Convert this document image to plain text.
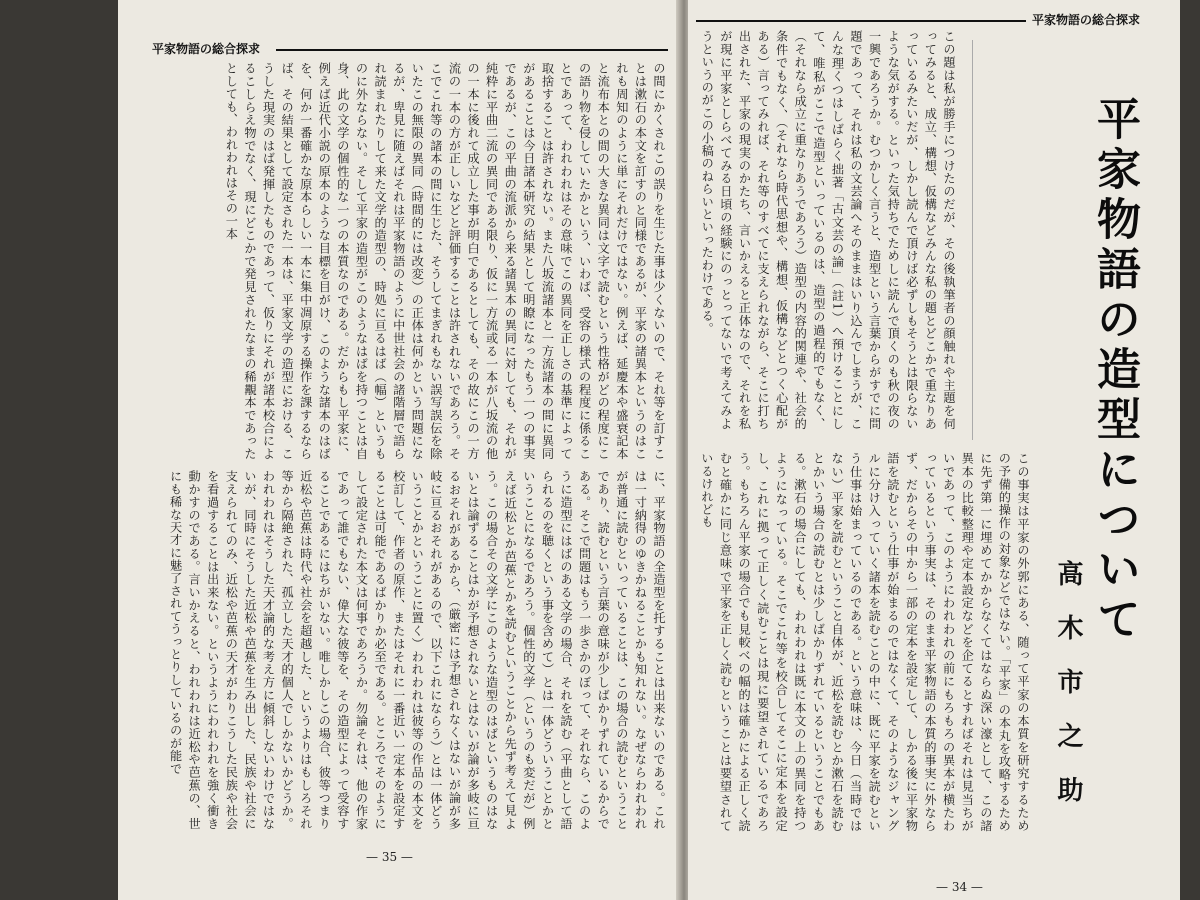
平家物語の総合探求
の間にかくされこの誤りを生じた事は少くないので、それ等を訂すことは漱石の本文を訂すのと同様であるが、平家の諸異本というのはこれも周知のように単にそれだけではない。例えば、延慶本や盛衰記本と流布本との間の大きな異同は文字で読むという性格がどの程度にこの語り物を侵していたかという、いわば、受容の様式の程度に係ることであって、われわれはその意味でこの異同を正しさの基準によって取捨することは許されない。また八坂流諸本と一方流諸本の間に異同があることは今日諸本研究の結果として明瞭になったもう一つの事実であるが、この平曲の流派から来る諸異本の異同に対しても、それが純粋に平曲二流の異同である限り、仮に一方流或る一本が八坂流の他の一本に後れて成立した事が明白であるとしても、その故にこの一方流の一本の方が正しいなどと評価することは許されないであろう。そこでこれ等の諸本の間に生じた、そうしてまぎれもない誤写誤伝を除いたこの無限の異同（時間的には改変）の正体は何かという問題になるが、卑見に随えばそれは平家物語のように中世社会の諸階層で語られ読まれたりして来た文学的造型の、時処に亘るはば（幅）というものに外ならない。そして平家の造型がこのようなはばを持つことは自身、此の文学の個性的な一つの本質なのである。だからもし平家に、例えば近代小説の原本のような目標を目がけ、このような諸本のはばを、何か一番確かな原本らしい一本に集中凋原する操作を課するならば、その結果として設定された一本は、平家文学の造型における、こうした現実のはば発揮したものであって、仮りにそれが諸本校合によるこしらえ物でなく、現にどこかで発見されたなまの稀覯本であったとしても、われわれはその一本
に、平家物語の全造型を托することは出来ないのである。これは一寸納得のゆきかねることかも知れない。なぜならわれわれが普通に読むといっていることは、この場合の読むということであり、読むという言葉の意味が少しばかりずれているからである。そこで問題はもう一歩さかのぼって、それなら、このように造型にはばのある文学の場合、それを読む（平曲として語られるのを聴くという事を含めて）とは一体どういうことかということになるであろう。個性的文学（というのも変だが）例えば近松とか芭蕉とかを読むということから先ず考えて見よう。この場合その文学にこのような造型のはばというものはないとは論ずることはかが予想されないとはないが論が多岐に亘るおそれがあるから、（厳密には予想されなくはないが論が多岐に亘るおそれがあるので、以下これにならう）とは一体どういうことかということに置く）われわれは彼等の作品の本文を校訂して、作者の原作、またはそれに一番近い一定本を設定することは可能であるばかりか必至である。ところでそのようにして設定された本文は何事であろうか。勿論それは、他の作家であって誰でもない、偉大な彼等を、その造型によって受容することであるにはちがいない。唯しかしこの場合、彼等つまり近松や芭蕉は時代や社会を超越した、というよりはもしろそれ等から隔絶された、孤立した天才的個人でしかないかどうか。われわれはそうした天才論的な考え方に傾斜しないわけではないが、同時にそうした近松や芭蕉を生み出した、民族や社会に支えられてのみ、近松や芭蕉の天才がわりこうした民族や社会を看過することは出来ない。というようにわれわれを強く衝き動かすのである。言いかえると、われわれは近松や芭蕉の、世にも稀な天才に魅了されてうっとりしているのが能で
— 35 —
平家物語の総合探求
この題は私が勝手につけたのだが、その後執筆者の顔触れや主題を伺ってみると、成立、構想、仮構などみんな私の題とどこかで重なりあっているみたいだが、しかし読んで頂けば必ずしもそうとは限らないような気がする。といった気持ちでためしに読んで頂くのも秋の夜の一興であろうか。むつかしく言うと、造型という言葉からがすでに問題であって、それは私の文芸論へそのままはいり込んでしまうが、こんな理くつはしばらく拙著「古文芸の論」（註1）へ預けることにして、唯私がここで造型といっているのは、造型の過程的でもなく、（それなら成立に重なりあうであろう）造型の内容的関連や、社会的条件でもなく、（それなら時代思想や、構想、仮構などとつく心配がある）言ってみれば、それ等のすべてに支えられながら、そこに打ち出された、平家の現実のかたち、言いかえると正体なので、それを私が現に平家としらべてみる日頃の経験にのっとってないで考えてみようというのがこの小稿のねらいといったわけである。
この事実は平家の外郭にある、随って平家の本質を研究するための予備的操作の対象などではない。「平家」の本丸を攻略するために先ず第一に埋めてかからなくてはならぬ深い濠として、この諸異本の比較整理や定本設定などを企てるとすればそれは見当ちがいであって、このようにわれわれの前にもろもろの異本が横たわっているという事実は、そのまま平家物語の本質的事実に外ならず、だからその中から一部の定本を設定して、しかる後に平家物語を読むという仕事が始まるのではなくて、そのようなジャングルに分け入っていく諸本を読むことの中に、既に平家を読むという仕事は始まっているのである。という意味は、今日（当時ではない）平家を読むということ自体が、近松を読むとか漱石を読むとかいう場合の読むとは少しばかりずれているということでもある。漱石の場合にしても、われわれは既に本文の上の異同を持つようになっている。そこでこれ等を校合してそこに定本を設定し、これに拠って正しく読むことは現に要望されているであろう。もちろん平家の場合でも見較べの幅的は確かによる正しく読むと確かに同じ意味で平家を正しく読むということは要望されているけれども	平家物語の造型について
高木市之助
— 34 —
